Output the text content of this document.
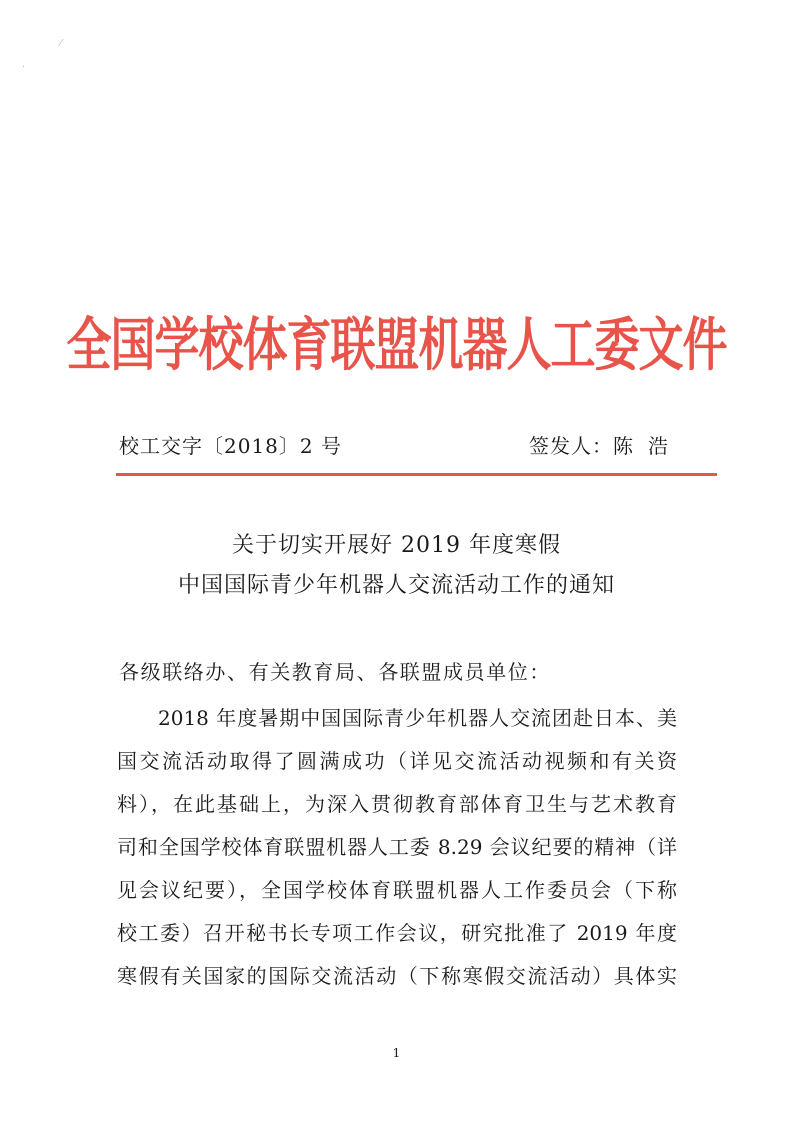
⁄
·
全国学校体育联盟机器人工委文件
校工交字〔2018〕2 号	签发人：陈 浩
关于切实开展好 2019 年度寒假
中国国际青少年机器人交流活动工作的通知
各级联络办、有关教育局、各联盟成员单位：
2018 年度暑期中国国际青少年机器人交流团赴日本、美
国交流活动取得了圆满成功（详见交流活动视频和有关资
料），在此基础上，为深入贯彻教育部体育卫生与艺术教育
司和全国学校体育联盟机器人工委 8.29 会议纪要的精神（详
见会议纪要），全国学校体育联盟机器人工作委员会（下称
校工委）召开秘书长专项工作会议，研究批准了 2019 年度
寒假有关国家的国际交流活动（下称寒假交流活动）具体实
1
